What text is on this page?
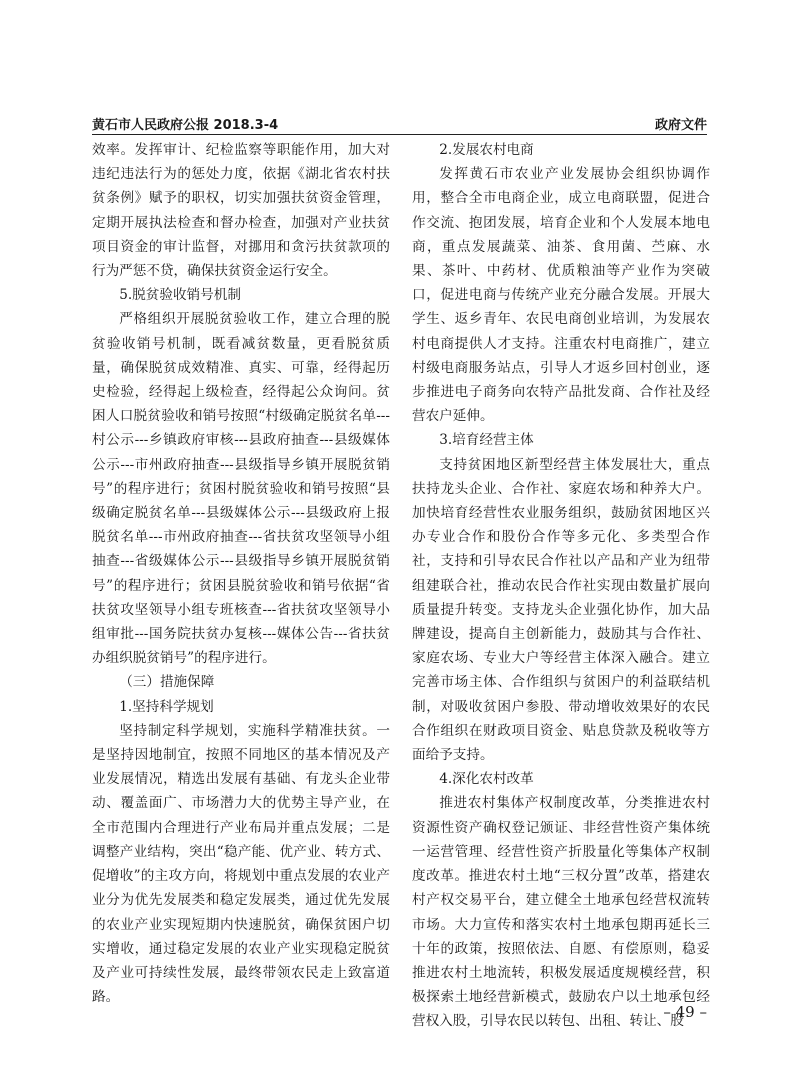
黄石市人民政府公报 2018.3-4	政府文件

效率。发挥审计、纪检监察等职能作用，加大对违纪违法行为的惩处力度，依据《湖北省农村扶贫条例》赋予的职权，切实加强扶贫资金管理，定期开展执法检查和督办检查，加强对产业扶贫项目资金的审计监督，对挪用和贪污扶贫款项的行为严惩不贷，确保扶贫资金运行安全。

5.脱贫验收销号机制

严格组织开展脱贫验收工作，建立合理的脱贫验收销号机制，既看减贫数量，更看脱贫质量，确保脱贫成效精准、真实、可靠，经得起历史检验，经得起上级检查，经得起公众询问。贫困人口脱贫验收和销号按照“村级确定脱贫名单---村公示---乡镇政府审核---县政府抽查---县级媒体公示---市州政府抽查---县级指导乡镇开展脱贫销号”的程序进行；贫困村脱贫验收和销号按照“县级确定脱贫名单---县级媒体公示---县级政府上报脱贫名单---市州政府抽查---省扶贫攻坚领导小组抽查---省级媒体公示---县级指导乡镇开展脱贫销号”的程序进行；贫困县脱贫验收和销号依据“省扶贫攻坚领导小组专班核查---省扶贫攻坚领导小组审批---国务院扶贫办复核---媒体公告---省扶贫办组织脱贫销号”的程序进行。

（三）措施保障

1.坚持科学规划

坚持制定科学规划，实施科学精准扶贫。一是坚持因地制宜，按照不同地区的基本情况及产业发展情况，精选出发展有基础、有龙头企业带动、覆盖面广、市场潜力大的优势主导产业，在全市范围内合理进行产业布局并重点发展；二是调整产业结构，突出“稳产能、优产业、转方式、促增收”的主攻方向，将规划中重点发展的农业产业分为优先发展类和稳定发展类，通过优先发展的农业产业实现短期内快速脱贫，确保贫困户切实增收，通过稳定发展的农业产业实现稳定脱贫及产业可持续性发展，最终带领农民走上致富道路。

2.发展农村电商

发挥黄石市农业产业发展协会组织协调作用，整合全市电商企业，成立电商联盟，促进合作交流、抱团发展，培育企业和个人发展本地电商，重点发展蔬菜、油茶、食用菌、苎麻、水果、茶叶、中药材、优质粮油等产业作为突破口，促进电商与传统产业充分融合发展。开展大学生、返乡青年、农民电商创业培训，为发展农村电商提供人才支持。注重农村电商推广，建立村级电商服务站点，引导人才返乡回村创业，逐步推进电子商务向农特产品批发商、合作社及经营农户延伸。

3.培育经营主体

支持贫困地区新型经营主体发展壮大，重点扶持龙头企业、合作社、家庭农场和种养大户。加快培育经营性农业服务组织，鼓励贫困地区兴办专业合作和股份合作等多元化、多类型合作社，支持和引导农民合作社以产品和产业为纽带组建联合社，推动农民合作社实现由数量扩展向质量提升转变。支持龙头企业强化协作，加大品牌建设，提高自主创新能力，鼓励其与合作社、家庭农场、专业大户等经营主体深入融合。建立完善市场主体、合作组织与贫困户的利益联结机制，对吸收贫困户参股、带动增收效果好的农民合作组织在财政项目资金、贴息贷款及税收等方面给予支持。

4.深化农村改革

推进农村集体产权制度改革，分类推进农村资源性资产确权登记颁证、非经营性资产集体统一运营管理、经营性资产折股量化等集体产权制度改革。推进农村土地“三权分置”改革，搭建农村产权交易平台，建立健全土地承包经营权流转市场。大力宣传和落实农村土地承包期再延长三十年的政策，按照依法、自愿、有偿原则，稳妥推进农村土地流转，积极发展适度规模经营，积极探索土地经营新模式，鼓励农户以土地承包经营权入股，引导农民以转包、出租、转让、股

– 49 –
